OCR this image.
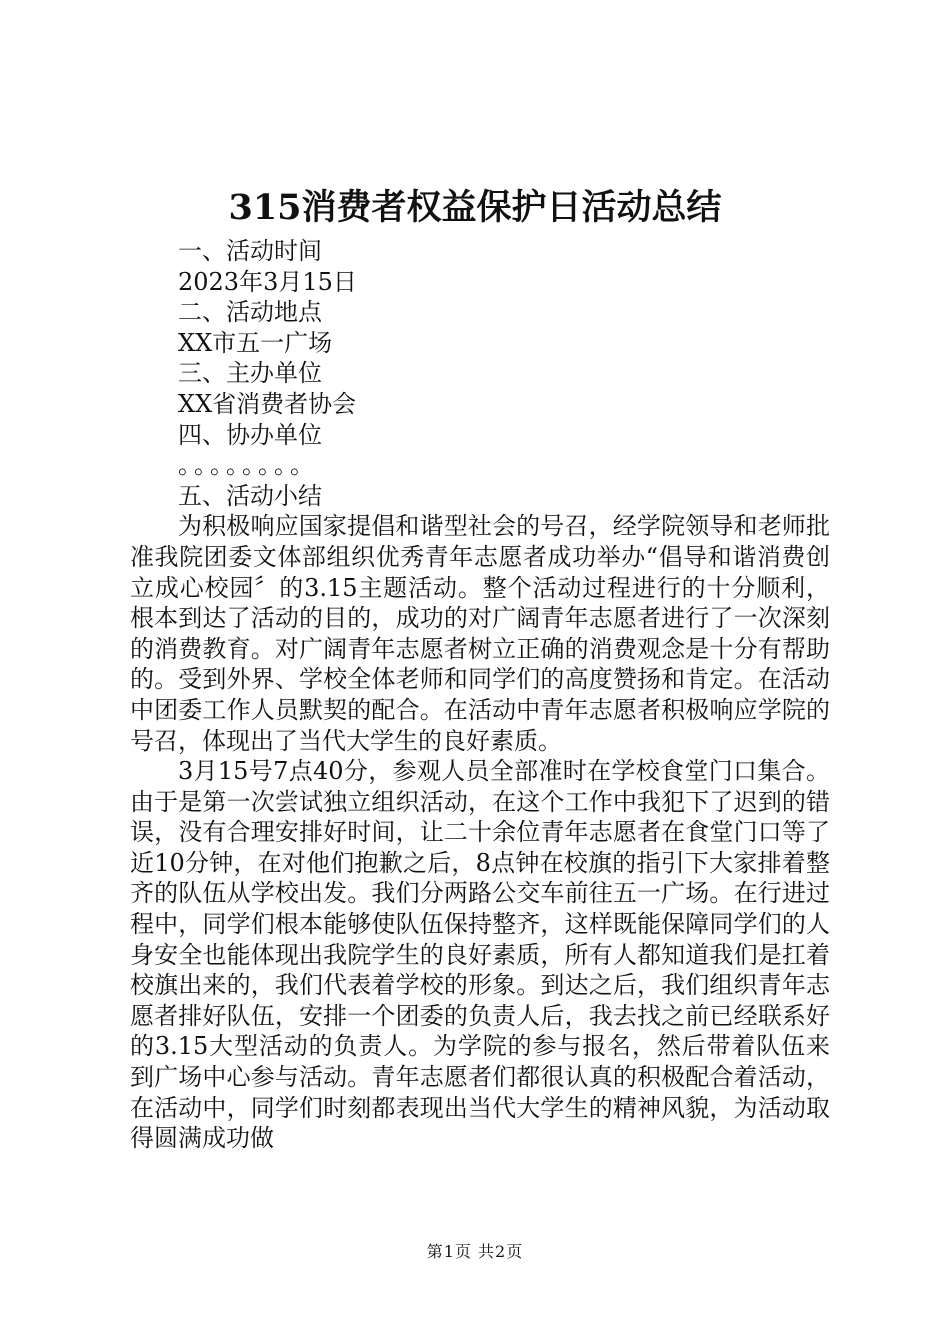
315消费者权益保护日活动总结
一、活动时间
2023年3月15日
二、活动地点
XX市五一广场
三、主办单位
XX省消费者协会
四、协办单位
。。。。。。。。
五、活动小结

为积极响应国家提倡和谐型社会的号召，经学院领导和老师批准我院团委文体部组织优秀青年志愿者成功举办“倡导和谐消费创立成心校园〞的3.15主题活动。整个活动过程进行的十分顺利，根本到达了活动的目的，成功的对广阔青年志愿者进行了一次深刻的消费教育。对广阔青年志愿者树立正确的消费观念是十分有帮助的。受到外界、学校全体老师和同学们的高度赞扬和肯定。在活动中团委工作人员默契的配合。在活动中青年志愿者积极响应学院的号召，体现出了当代大学生的良好素质。

3月15号7点40分，参观人员全部准时在学校食堂门口集合。由于是第一次尝试独立组织活动，在这个工作中我犯下了迟到的错误，没有合理安排好时间，让二十余位青年志愿者在食堂门口等了近10分钟，在对他们抱歉之后，8点钟在校旗的指引下大家排着整齐的队伍从学校出发。我们分两路公交车前往五一广场。在行进过程中，同学们根本能够使队伍保持整齐，这样既能保障同学们的人身安全也能体现出我院学生的良好素质，所有人都知道我们是扛着校旗出来的，我们代表着学校的形象。到达之后，我们组织青年志愿者排好队伍，安排一个团委的负责人后，我去找之前已经联系好的3.15大型活动的负责人。为学院的参与报名，然后带着队伍来到广场中心参与活动。青年志愿者们都很认真的积极配合着活动，在活动中，同学们时刻都表现出当代大学生的精神风貌，为活动取得圆满成功做

第1页 共2页
